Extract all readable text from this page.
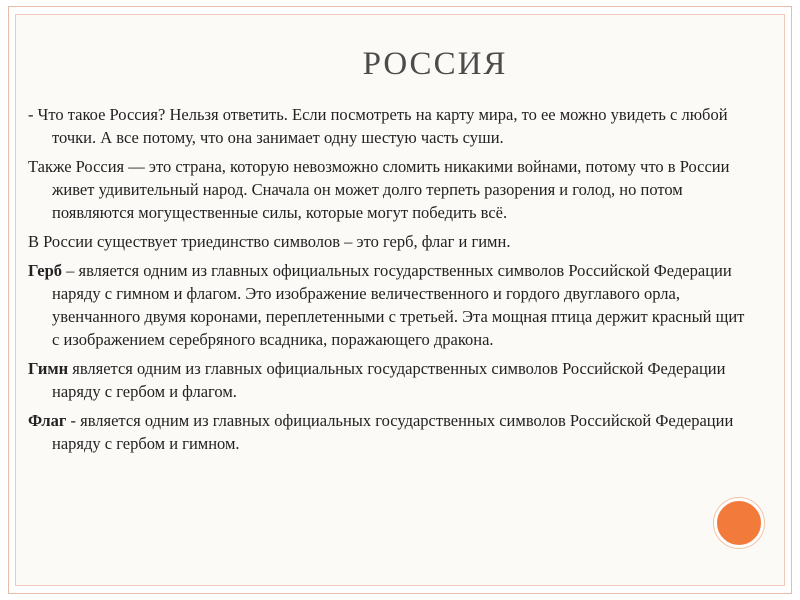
РОССИЯ

- Что такое Россия? Нельзя ответить. Если посмотреть на карту мира, то ее можно увидеть с любой точки. А все потому, что она занимает одну шестую часть суши.

Также Россия — это страна, которую невозможно сломить никакими войнами, потому что в России живет удивительный народ. Сначала он может долго терпеть разорения и голод, но потом появляются могущественные силы, которые могут победить всё.

В России существует триединство символов – это герб, флаг и гимн.

Герб – является одним из главных официальных государственных символов Российской Федерации наряду с гимном и флагом. Это изображение величественного и гордого двуглавого орла, увенчанного двумя коронами, переплетенными с третьей. Эта мощная птица держит красный щит с изображением серебряного всадника, поражающего дракона.

Гимн является одним из главных официальных государственных символов Российской Федерации наряду с гербом и флагом.

Флаг - является одним из главных официальных государственных символов Российской Федерации наряду с гербом и гимном.
